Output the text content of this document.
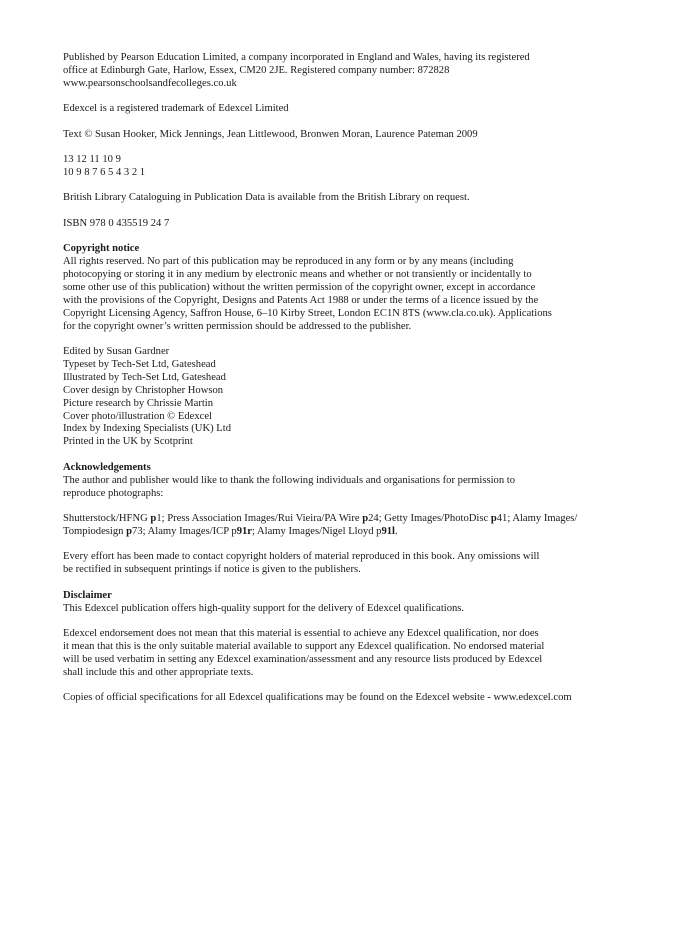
Published by Pearson Education Limited, a company incorporated in England and Wales, having its registered
office at Edinburgh Gate, Harlow, Essex, CM20 2JE. Registered company number: 872828
www.pearsonschoolsandfecolleges.co.uk
Edexcel is a registered trademark of Edexcel Limited
Text © Susan Hooker, Mick Jennings, Jean Littlewood, Bronwen Moran, Laurence Pateman 2009
13 12 11 10 9
10 9 8 7 6 5 4 3 2 1
British Library Cataloguing in Publication Data is available from the British Library on request.
ISBN 978 0 435519 24 7
Copyright notice
All rights reserved. No part of this publication may be reproduced in any form or by any means (including
photocopying or storing it in any medium by electronic means and whether or not transiently or incidentally to
some other use of this publication) without the written permission of the copyright owner, except in accordance
with the provisions of the Copyright, Designs and Patents Act 1988 or under the terms of a licence issued by the
Copyright Licensing Agency, Saffron House, 6–10 Kirby Street, London EC1N 8TS (www.cla.co.uk). Applications
for the copyright owner’s written permission should be addressed to the publisher.
Edited by Susan Gardner
Typeset by Tech-Set Ltd, Gateshead
Illustrated by Tech-Set Ltd, Gateshead
Cover design by Christopher Howson
Picture research by Chrissie Martin
Cover photo/illustration © Edexcel
Index by Indexing Specialists (UK) Ltd
Printed in the UK by Scotprint
Acknowledgements
The author and publisher would like to thank the following individuals and organisations for permission to
reproduce photographs:
Shutterstock/HFNG p1; Press Association Images/Rui Vieira/PA Wire p24; Getty Images/PhotoDisc p41; Alamy Images/
Tompiodesign p73; Alamy Images/ICP p91r; Alamy Images/Nigel Lloyd p91l.
Every effort has been made to contact copyright holders of material reproduced in this book. Any omissions will
be rectified in subsequent printings if notice is given to the publishers.
Disclaimer
This Edexcel publication offers high-quality support for the delivery of Edexcel qualifications.
Edexcel endorsement does not mean that this material is essential to achieve any Edexcel qualification, nor does
it mean that this is the only suitable material available to support any Edexcel qualification. No endorsed material
will be used verbatim in setting any Edexcel examination/assessment and any resource lists produced by Edexcel
shall include this and other appropriate texts.
Copies of official specifications for all Edexcel qualifications may be found on the Edexcel website - www.edexcel.com
